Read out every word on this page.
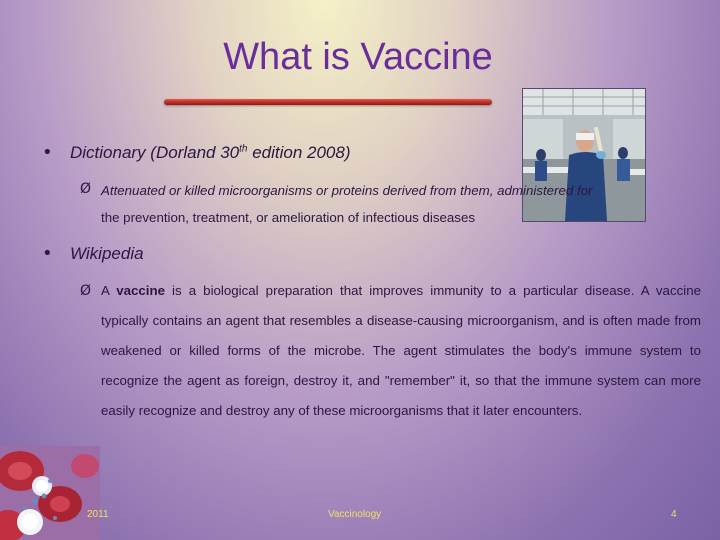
What is Vaccine
• Dictionary (Dorland 30th edition 2008)
Ø Attenuated or killed microorganisms or proteins derived from them, administered for
the prevention, treatment, or amelioration of infectious diseases
• Wikipedia
Ø A vaccine is a biological preparation that improves immunity to a particular disease. A vaccine typically contains an agent that resembles a disease-causing microorganism, and is often made from weakened or killed forms of the microbe. The agent stimulates the body's immune system to recognize the agent as foreign, destroy it, and "remember" it, so that the immune system can more easily recognize and destroy any of these microorganisms that it later encounters.
2011	Vaccinology	4
